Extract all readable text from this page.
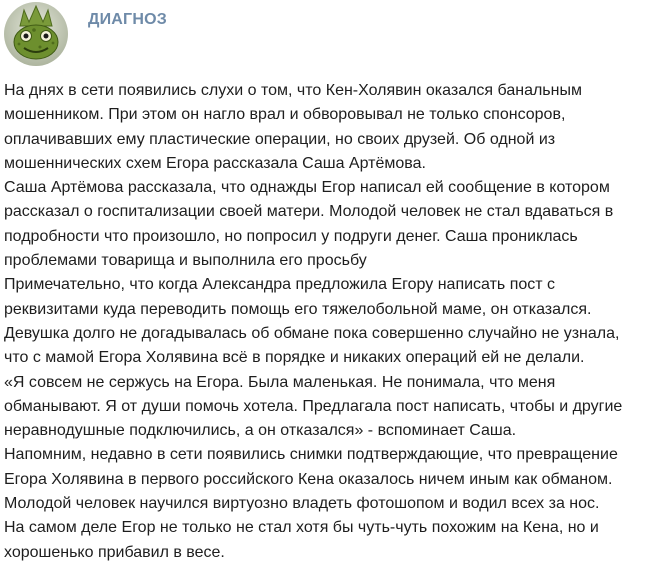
ДИАГНОЗ
На днях в сети появились слухи о том, что Кен-Холявин оказался банальным
мошенником. При этом он нагло врал и обворовывал не только спонсоров,
оплачивавших ему пластические операции, но своих друзей. Об одной из
мошеннических схем Егора рассказала Саша Артёмова.
Саша Артёмова рассказала, что однажды Егор написал ей сообщение в котором
рассказал о госпитализации своей матери. Молодой человек не стал вдаваться в
подробности что произошло, но попросил у подруги денег. Саша прониклась
проблемами товарища и выполнила его просьбу
Примечательно, что когда Александра предложила Егору написать пост с
реквизитами куда переводить помощь его тяжелобольной маме, он отказался.
Девушка долго не догадывалась об обмане пока совершенно случайно не узнала,
что с мамой Егора Холявина всё в порядке и никаких операций ей не делали.
«Я совсем не сержусь на Егора. Была маленькая. Не понимала, что меня
обманывают. Я от души помочь хотела. Предлагала пост написать, чтобы и другие
неравнодушные подключились, а он отказался» - вспоминает Саша.
Напомним, недавно в сети появились снимки подтверждающие, что превращение
Егора Холявина в первого российского Кена оказалось ничем иным как обманом.
Молодой человек научился виртуозно владеть фотошопом и водил всех за нос.
На самом деле Егор не только не стал хотя бы чуть-чуть похожим на Кена, но и
хорошенько прибавил в весе.
